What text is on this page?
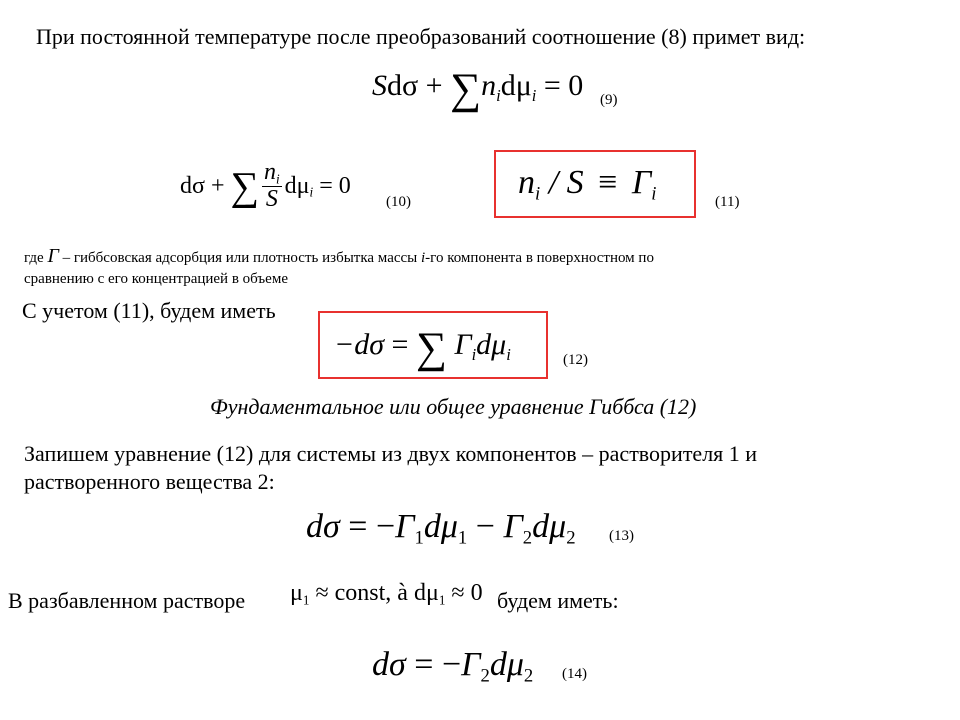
При постоянной температуре после преобразований соотношение (8) примет вид:
$Sd\sigma + \sum n_id\mu_i = 0$ (9)
dσ + ∑ $\frac{n_i}{S} d\mu_i = 0$
(10)
$n_i / S \equiv \Gamma_i$	(11)
где Γ – гиббсовская адсорбция или плотность избытка массы i-го компонента в поверхностном по
сравнению с его концентрацией в объеме
С учетом (11), будем иметь
−dσ = ∑ $\Gamma_id\mu_i$	(12)
Фундаментальное или общее уравнение Гиббса (12)
Запишем уравнение (12) для системы из двух компонентов – растворителя 1 и
растворенного вещества 2:
$d\sigma = -\Gamma_1d\mu_1 - \Gamma_2d\mu_2$ (13)
В разбавленном растворе $\mu_1$ ≈ const, à $d\mu_1 \approx 0$ будем иметь:
$d\sigma = -\Gamma_2d\mu_2$ (14)
